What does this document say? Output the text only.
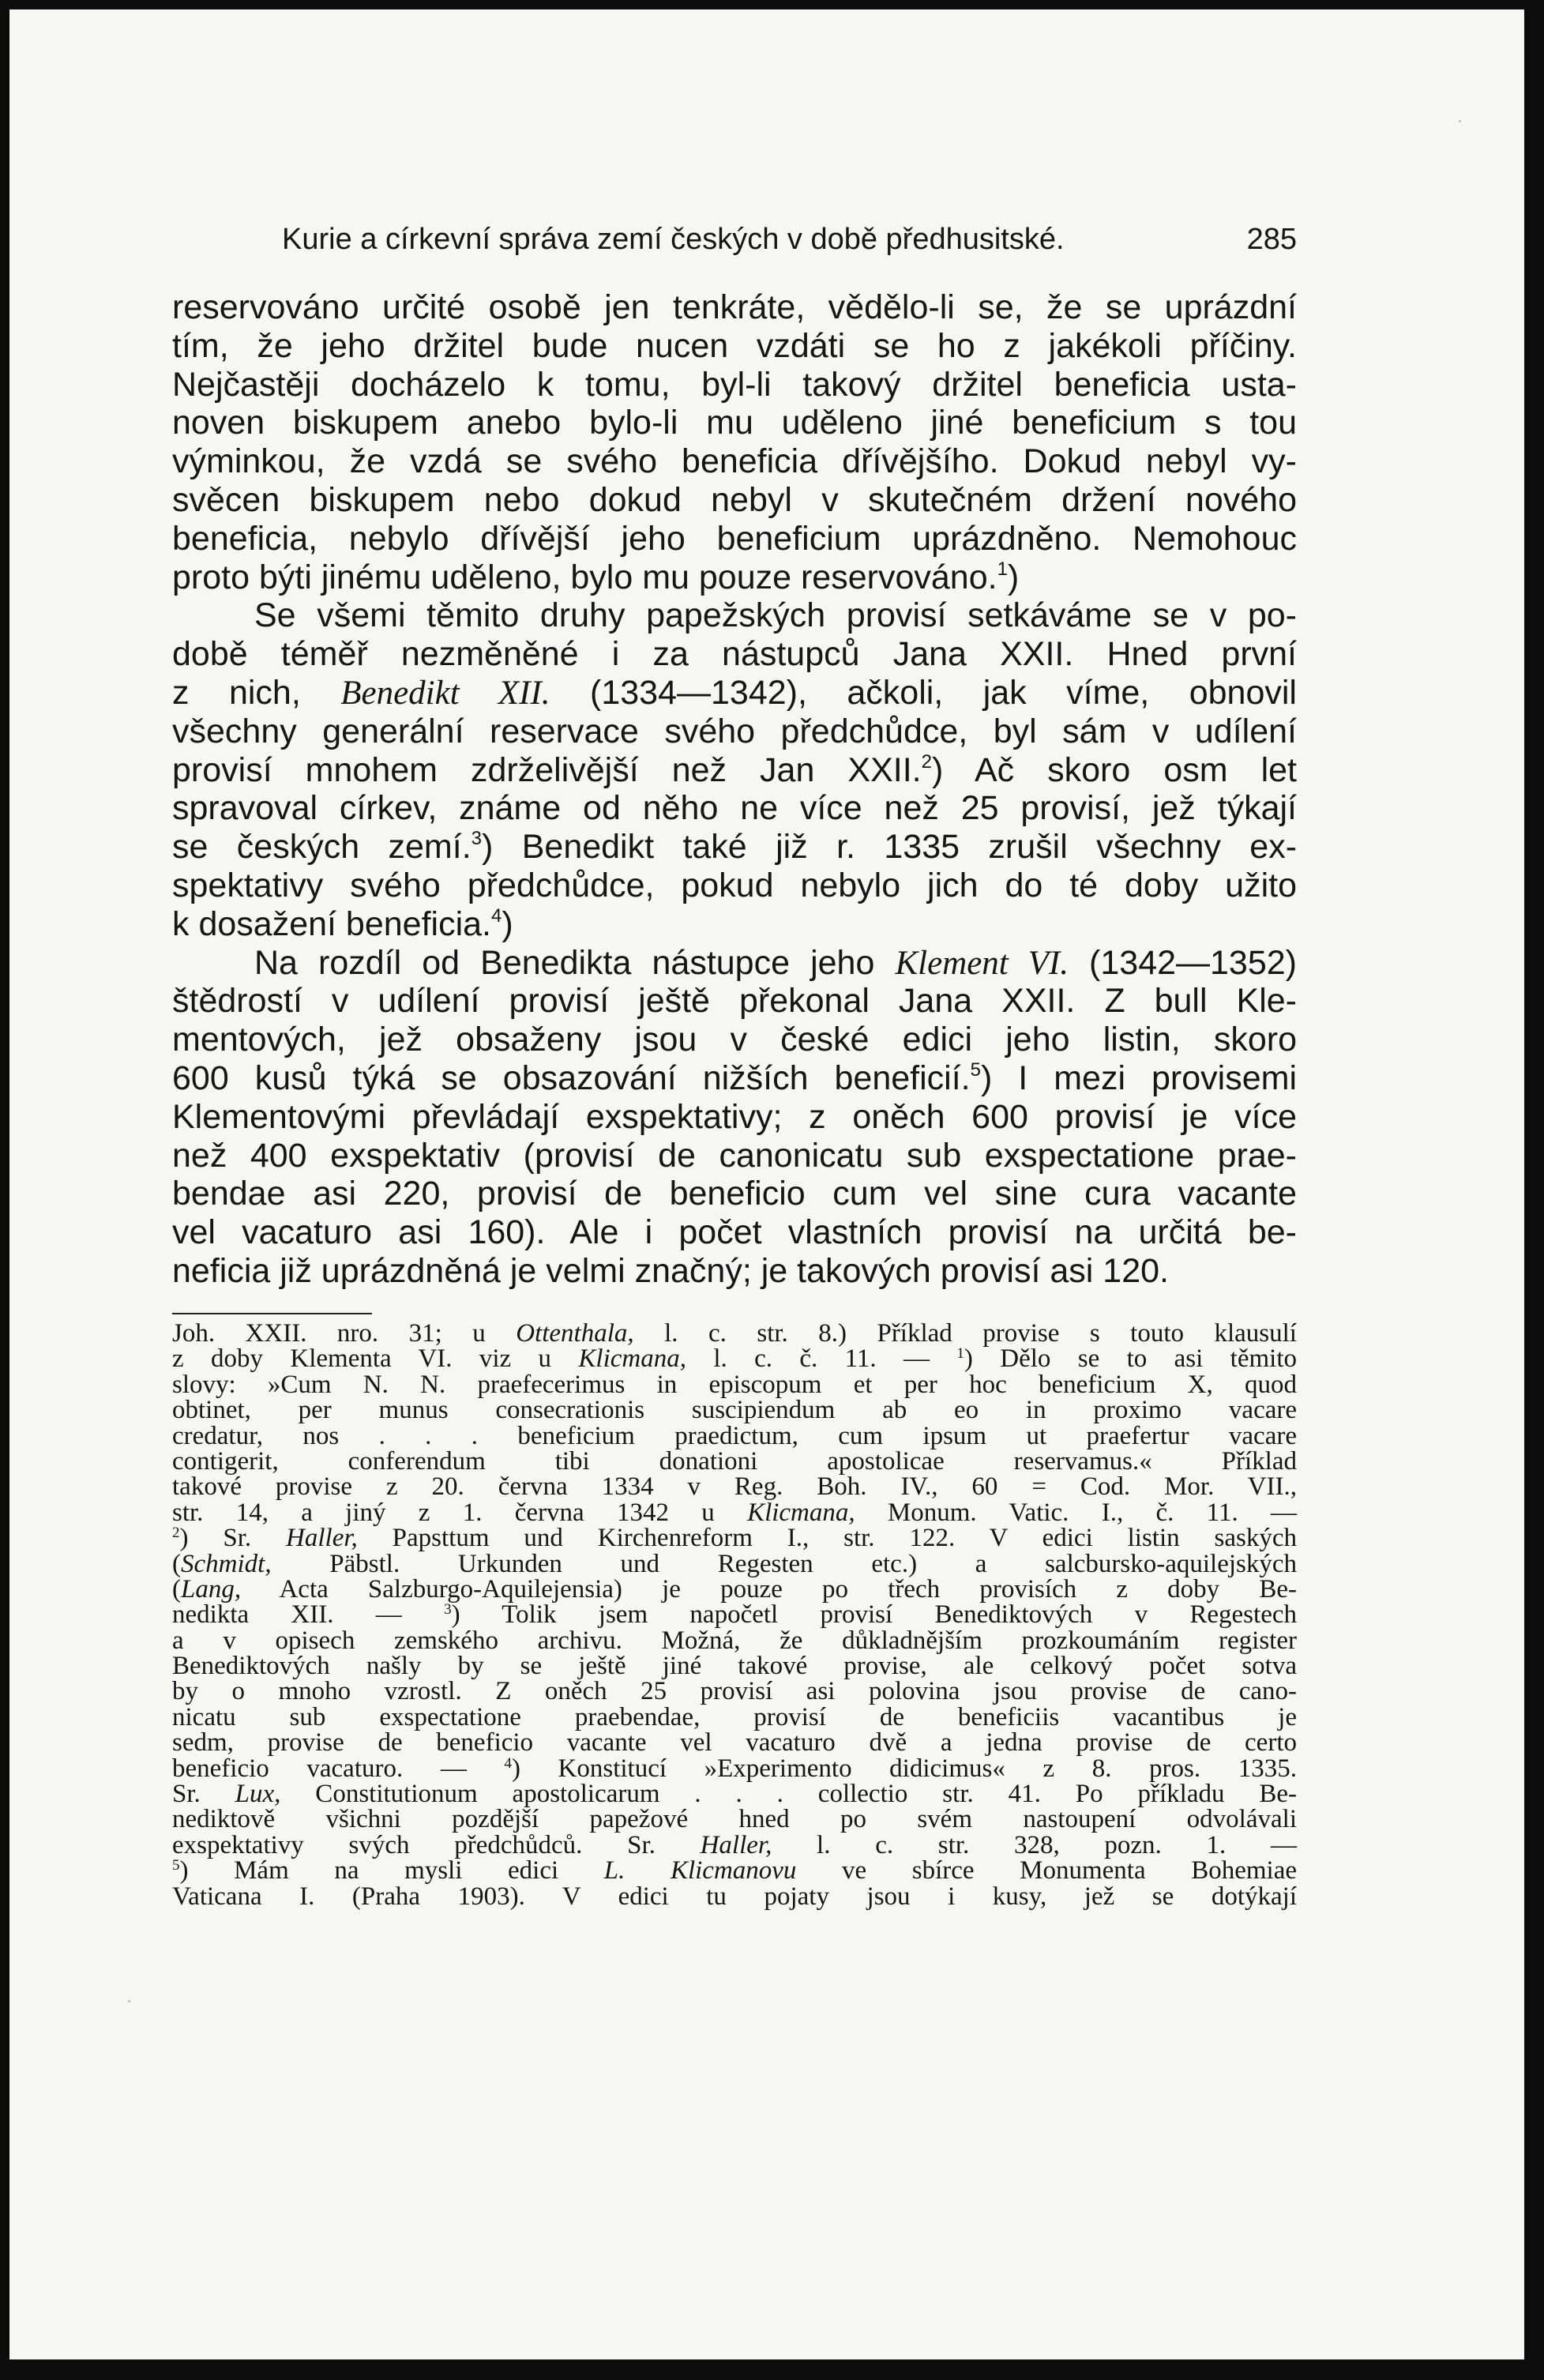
Kurie a církevní správa zemí českých v době předhusitské.	285
reservováno určité osobě jen tenkráte, vědělo-li se, že se uprázdní
tím, že jeho držitel bude nucen vzdáti se ho z jakékoli příčiny.
Nejčastěji docházelo k tomu, byl-li takový držitel beneficia usta-
noven biskupem anebo bylo-li mu uděleno jiné beneficium s tou
výminkou, že vzdá se svého beneficia dřívějšího. Dokud nebyl vy-
svěcen biskupem nebo dokud nebyl v skutečném držení nového
beneficia, nebylo dřívější jeho beneficium uprázdněno. Nemohouc
proto býti jinému uděleno, bylo mu pouze reservováno.$^1$)
Se všemi těmito druhy papežských provisí setkáváme se v po-
době téměř nezměněné i za nástupců Jana XXII. Hned první
z nich, Benedikt XII. (1334—1342), ačkoli, jak víme, obnovil
všechny generální reservace svého předchůdce, byl sám v udílení
provisí mnohem zdrželivější než Jan XXII.$^2$) Ač skoro osm let
spravoval církev, známe od něho ne více než 25 provisí, jež týkají
se českých zemí.$^3$) Benedikt také již r. 1335 zrušil všechny ex-
spektativy svého předchůdce, pokud nebylo jich do té doby užito
k dosažení beneficia.$^4$)
Na rozdíl od Benedikta nástupce jeho Klement VI. (1342—1352)
štědrostí v udílení provisí ještě překonal Jana XXII. Z bull Kle-
mentových, jež obsaženy jsou v české edici jeho listin, skoro
600 kusů týká se obsazování nižších beneficií.$^5$) I mezi provisemi
Klementovými převládají exspektativy; z oněch 600 provisí je více
než 400 exspektativ (provisí de canonicatu sub exspectatione prae-
bendae asi 220, provisí de beneficio cum vel sine cura vacante
vel vacaturo asi 160). Ale i počet vlastních provisí na určitá be-
neficia již uprázdněná je velmi značný; je takových provisí asi 120.
Joh. XXII. nro. 31; u Ottenthala, l. c. str. 8.) Příklad provise s touto klausulí
z doby Klementa VI. viz u Klicmana, l. c. č. 11. — $^1$) Dělo se to asi těmito
slovy: »Cum N. N. praefecerimus in episcopum et per hoc beneficium X, quod
obtinet, per munus consecrationis suscipiendum ab eo in proximo vacare
credatur, nos . . . beneficium praedictum, cum ipsum ut praefertur vacare
contigerit, conferendum tibi donationi apostolicae reservamus.« Příklad
takové provise z 20. června 1334 v Reg. Boh. IV., 60 = Cod. Mor. VII.,
str. 14, a jiný z 1. června 1342 u Klicmana, Monum. Vatic. I., č. 11. —
$^2$) Sr. Haller, Papsttum und Kirchenreform I., str. 122. V edici listin saských
(Schmidt, Päbstl. Urkunden und Regesten etc.) a salcbursko-aquilejských
(Lang, Acta Salzburgo-Aquilejensia) je pouze po třech provisích z doby Be-
nedikta XII. — $^3$) Tolik jsem napočetl provisí Benediktových v Regestech
a v opisech zemského archivu. Možná, že důkladnějším prozkoumáním register
Benediktových našly by se ještě jiné takové provise, ale celkový počet sotva
by o mnoho vzrostl. Z oněch 25 provisí asi polovina jsou provise de cano-
nicatu sub exspectatione praebendae, provisí de beneficiis vacantibus je
sedm, provise de beneficio vacante vel vacaturo dvě a jedna provise de certo
beneficio vacaturo. — $^4$) Konstitucí »Experimento didicimus« z 8. pros. 1335.
Sr. Lux, Constitutionum apostolicarum . . . collectio str. 41. Po příkladu Be-
nediktově všichni pozdější papežové hned po svém nastoupení odvolávali
exspektativy svých předchůdců. Sr. Haller, l. c. str. 328, pozn. 1. —
$^5$) Mám na mysli edici L. Klicmanovu ve sbírce Monumenta Bohemiae
Vaticana I. (Praha 1903). V edici tu pojaty jsou i kusy, jež se dotýkají
